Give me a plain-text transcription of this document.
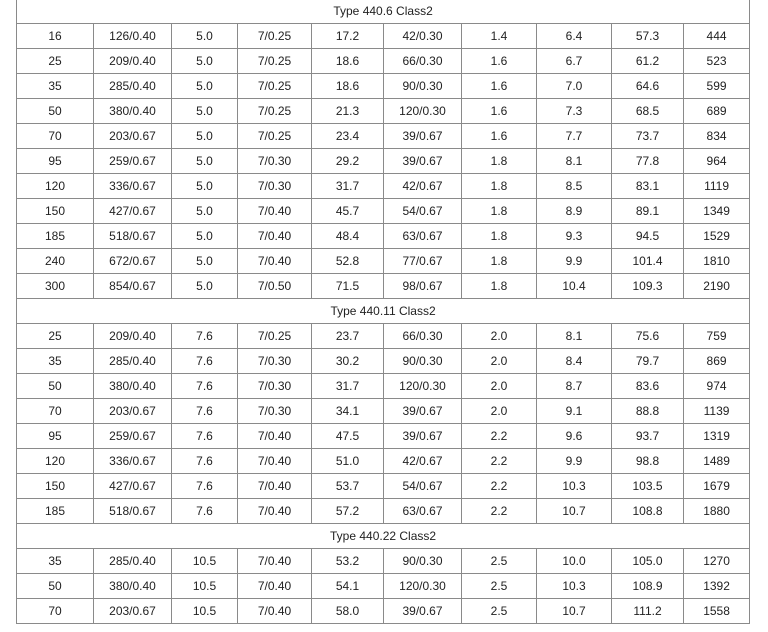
Type 440.6 Class2									
16	126/0.40	5.0	7/0.25	17.2	42/0.30	1.4	6.4	57.3	444
25	209/0.40	5.0	7/0.25	18.6	66/0.30	1.6	6.7	61.2	523
35	285/0.40	5.0	7/0.25	18.6	90/0.30	1.6	7.0	64.6	599
50	380/0.40	5.0	7/0.25	21.3	120/0.30	1.6	7.3	68.5	689
70	203/0.67	5.0	7/0.25	23.4	39/0.67	1.6	7.7	73.7	834
95	259/0.67	5.0	7/0.30	29.2	39/0.67	1.8	8.1	77.8	964
120	336/0.67	5.0	7/0.30	31.7	42/0.67	1.8	8.5	83.1	1119
150	427/0.67	5.0	7/0.40	45.7	54/0.67	1.8	8.9	89.1	1349
185	518/0.67	5.0	7/0.40	48.4	63/0.67	1.8	9.3	94.5	1529
240	672/0.67	5.0	7/0.40	52.8	77/0.67	1.8	9.9	101.4	1810
300	854/0.67	5.0	7/0.50	71.5	98/0.67	1.8	10.4	109.3	2190
Type 440.11 Class2									
25	209/0.40	7.6	7/0.25	23.7	66/0.30	2.0	8.1	75.6	759
35	285/0.40	7.6	7/0.30	30.2	90/0.30	2.0	8.4	79.7	869
50	380/0.40	7.6	7/0.30	31.7	120/0.30	2.0	8.7	83.6	974
70	203/0.67	7.6	7/0.30	34.1	39/0.67	2.0	9.1	88.8	1139
95	259/0.67	7.6	7/0.40	47.5	39/0.67	2.2	9.6	93.7	1319
120	336/0.67	7.6	7/0.40	51.0	42/0.67	2.2	9.9	98.8	1489
150	427/0.67	7.6	7/0.40	53.7	54/0.67	2.2	10.3	103.5	1679
185	518/0.67	7.6	7/0.40	57.2	63/0.67	2.2	10.7	108.8	1880
Type 440.22 Class2									
35	285/0.40	10.5	7/0.40	53.2	90/0.30	2.5	10.0	105.0	1270
50	380/0.40	10.5	7/0.40	54.1	120/0.30	2.5	10.3	108.9	1392
70	203/0.67	10.5	7/0.40	58.0	39/0.67	2.5	10.7	111.2	1558
